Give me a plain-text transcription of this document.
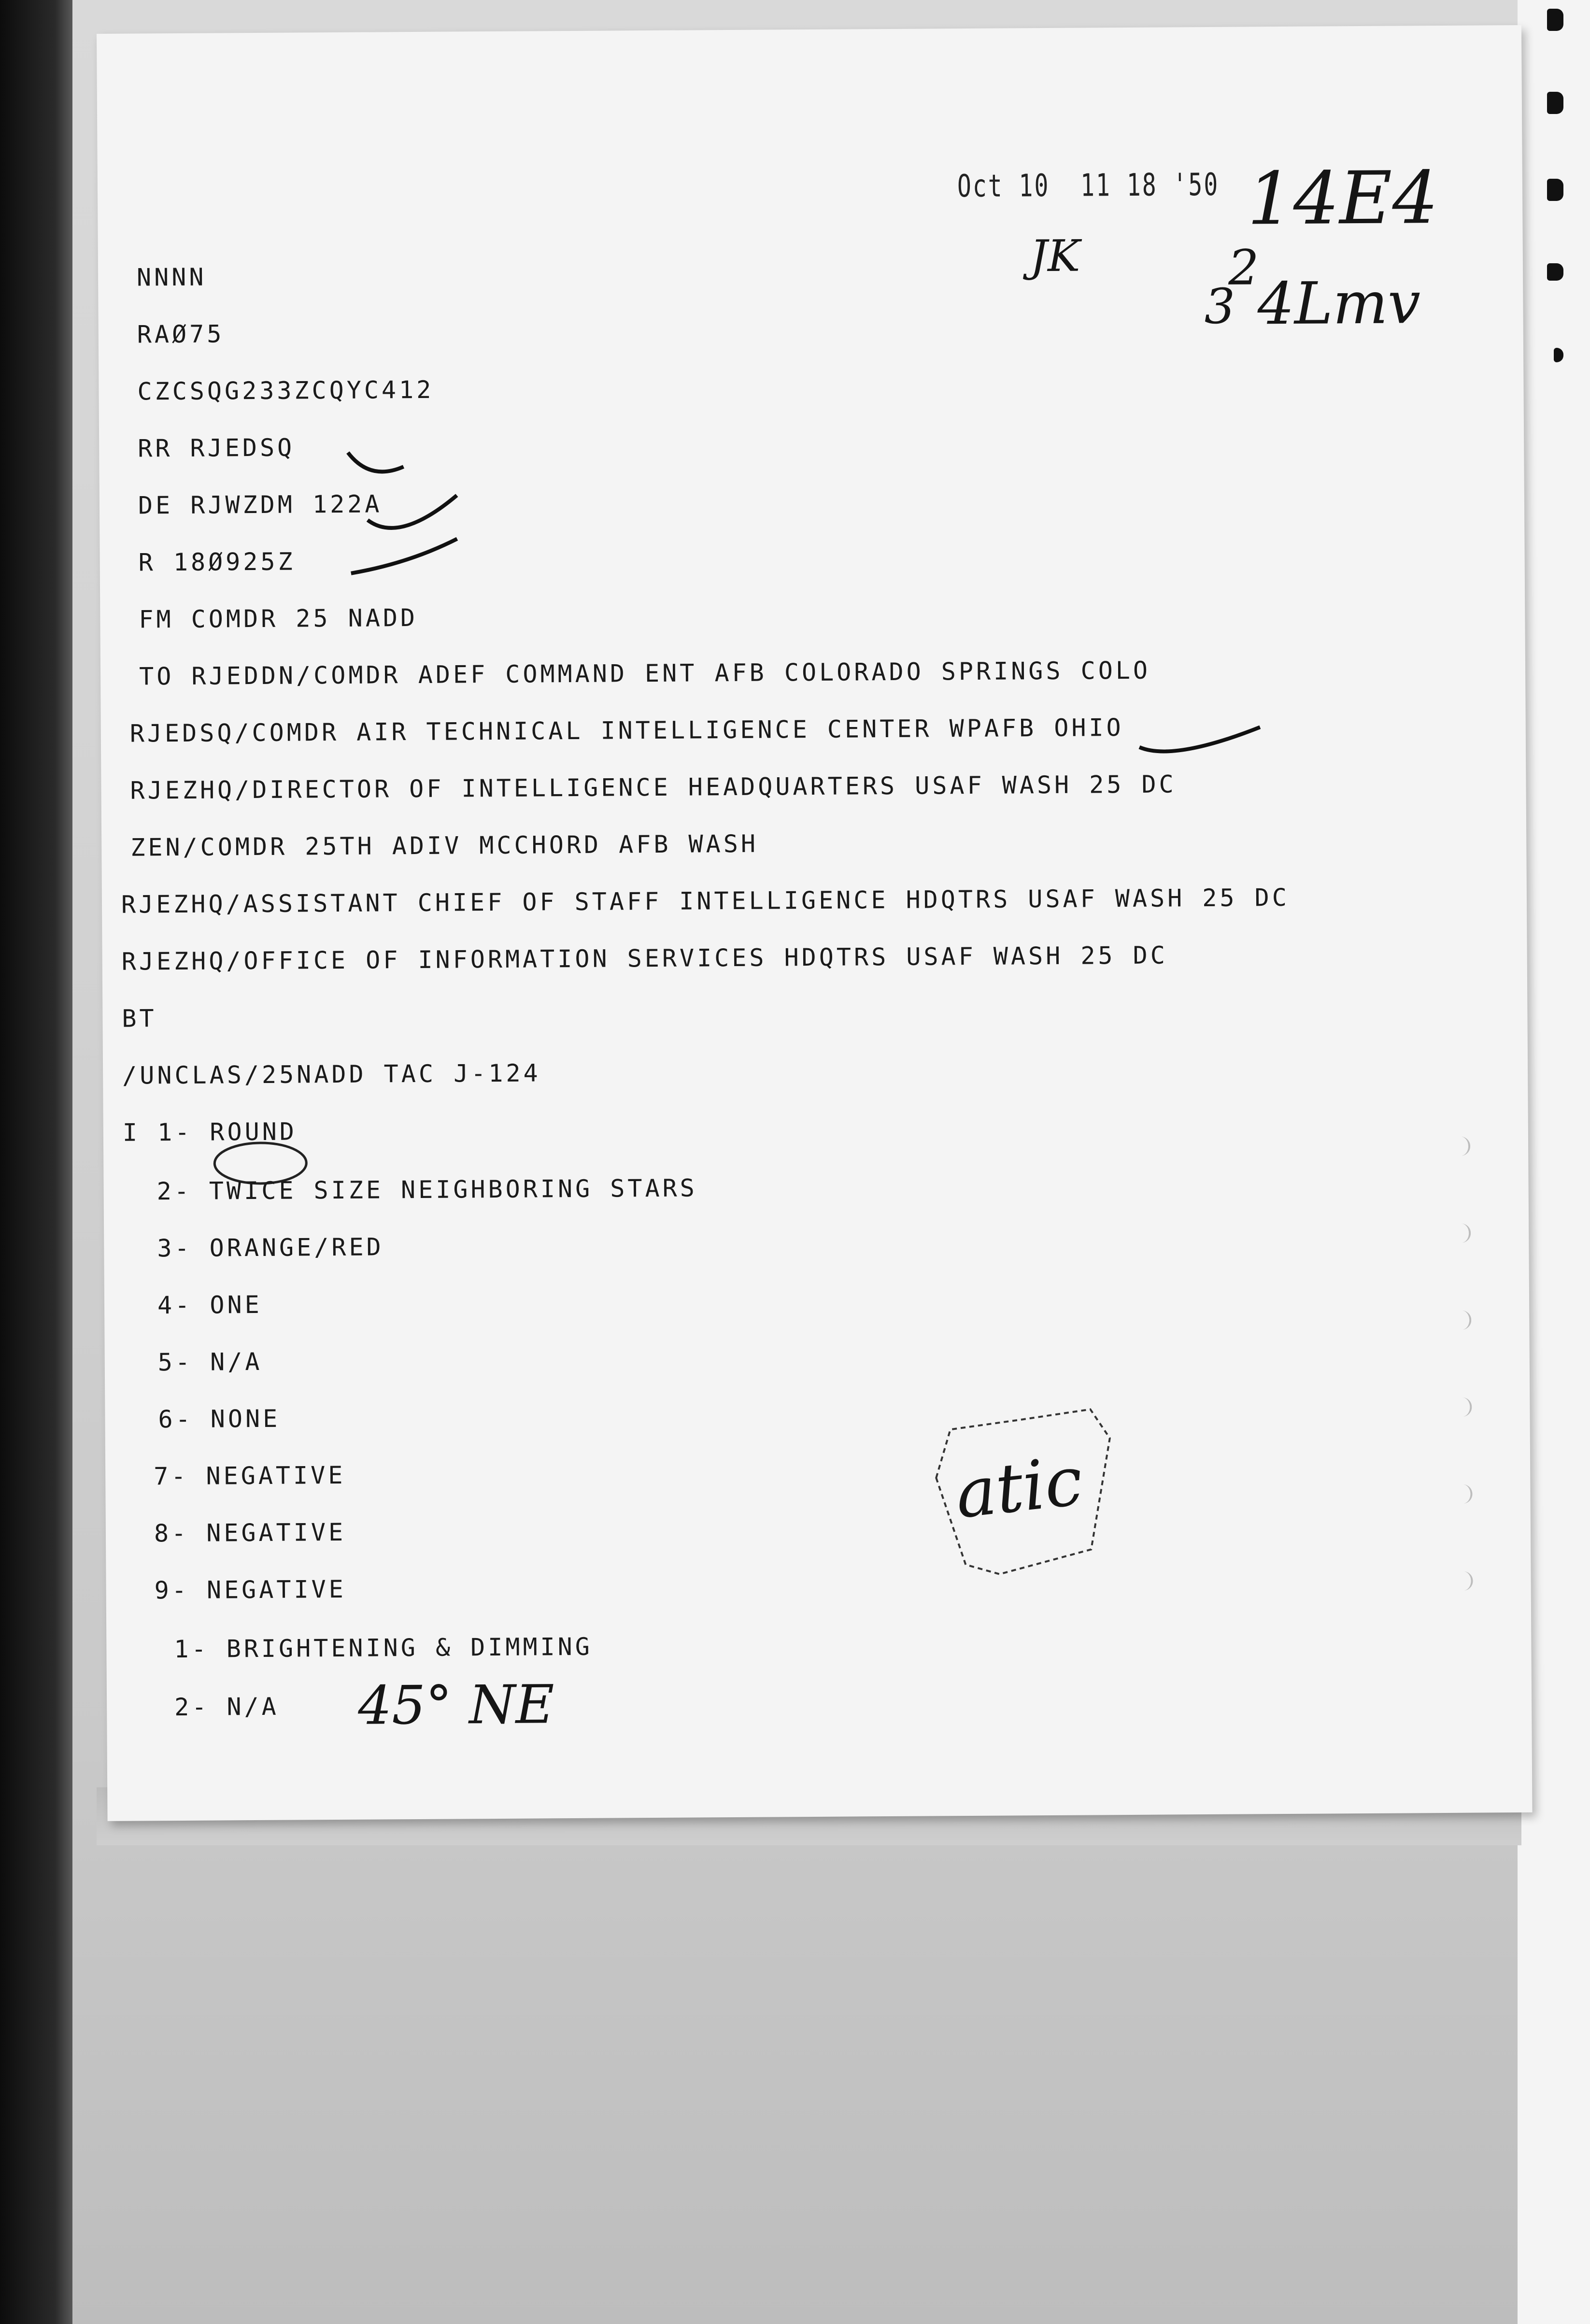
Oct 10  11 18 '50 14E4
JK	2
3 4Lmv
atic

NNNN

RAØ75

CZCSQG233ZCQYC412

RR RJEDSQ

DE RJWZDM 122A

R 18Ø925Z

FM COMDR 25 NADD

TO RJEDDN/COMDR ADEF COMMAND ENT AFB COLORADO SPRINGS COLO

RJEDSQ/COMDR AIR TECHNICAL INTELLIGENCE CENTER WPAFB OHIO

RJEZHQ/DIRECTOR OF INTELLIGENCE HEADQUARTERS USAF WASH 25 DC

ZEN/COMDR 25TH ADIV MCCHORD AFB WASH

RJEZHQ/ASSISTANT CHIEF OF STAFF INTELLIGENCE HDQTRS USAF WASH 25 DC

RJEZHQ/OFFICE OF INFORMATION SERVICES HDQTRS USAF WASH 25 DC

BT

/UNCLAS/25NADD TAC J-124

I 1- ROUND

2- TWICE SIZE NEIGHBORING STARS

3- ORANGE/RED

4- ONE

5- N/A

6- NONE

7- NEGATIVE

8- NEGATIVE

9- NEGATIVE

1- BRIGHTENING & DIMMING

2- N/A 45° NE
